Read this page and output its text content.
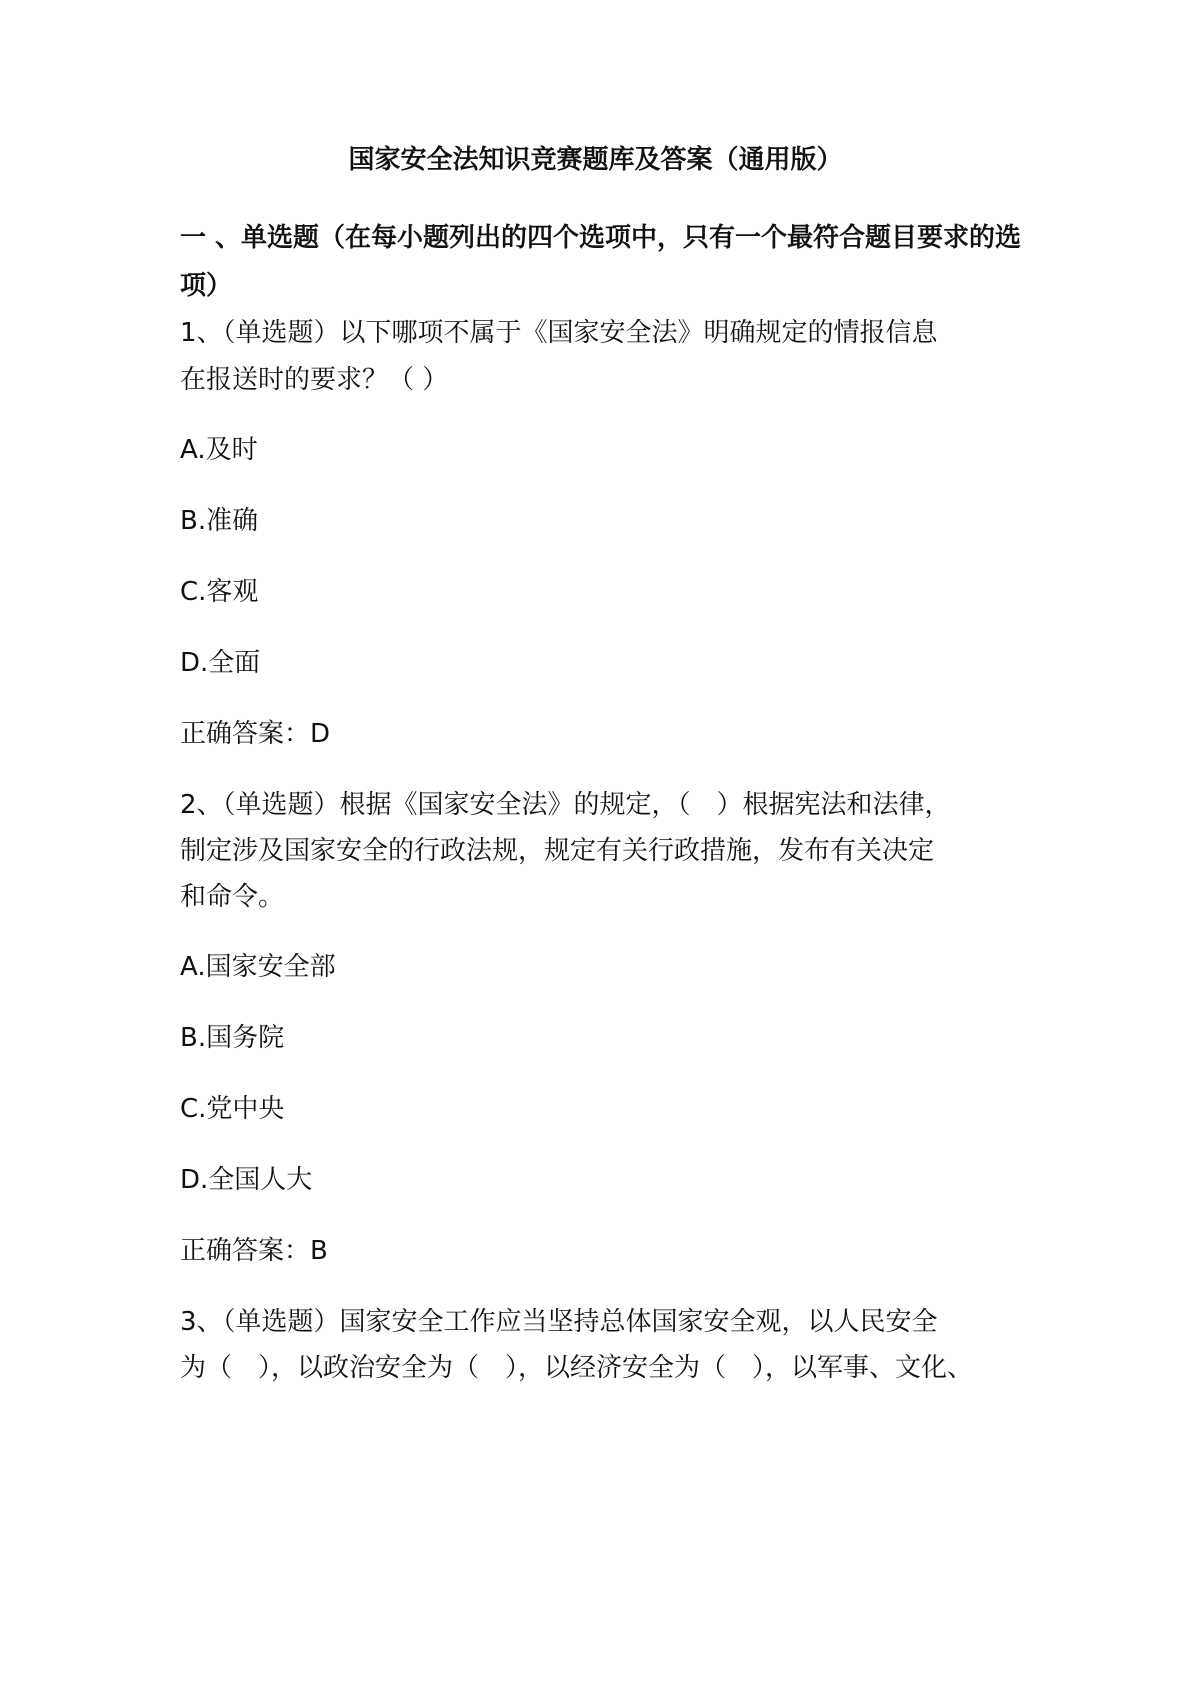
国家安全法知识竞赛题库及答案（通用版）
一 、单选题（在每小题列出的四个选项中，只有一个最符合题目要求的选项）
1、（单选题）以下哪项不属于《国家安全法》明确规定的情报信息
在报送时的要求？（ ）
A.及时
B.准确
C.客观
D.全面
正确答案：D
2、（单选题）根据《国家安全法》的规定，（　）根据宪法和法律，
制定涉及国家安全的行政法规，规定有关行政措施，发布有关决定
和命令。
A.国家安全部
B.国务院
C.党中央
D.全国人大
正确答案：B
3、（单选题）国家安全工作应当坚持总体国家安全观，以人民安全
为（　），以政治安全为（　），以经济安全为（　），以军事、文化、
